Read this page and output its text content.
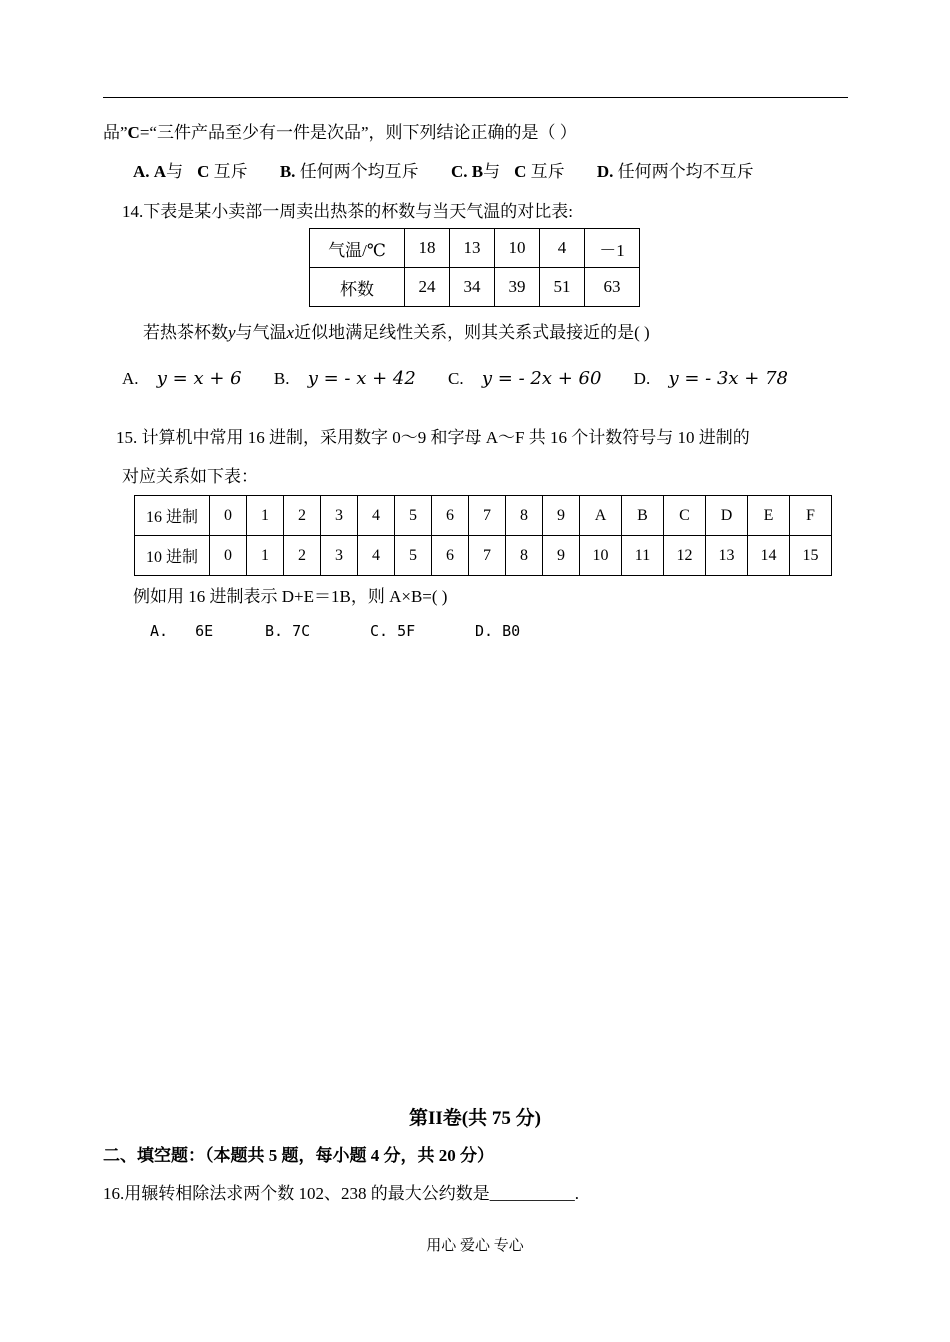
品”C=“三件产品至少有一件是次品”，则下列结论正确的是（ ）
A. A与 C 互斥 B. 任何两个均互斥 C. B与 C 互斥 D. 任何两个均不互斥
14.下表是某小卖部一周卖出热茶的杯数与当天气温的对比表:
气温/℃	18	13	10	4	－1
杯数	24	34	39	51	63
若热茶杯数y与气温x近似地满足线性关系，则其关系式最接近的是( )
A. y = x + 6 B. y = - x + 42 C. y = - 2x + 60 D. y = - 3x + 78
15. 计算机中常用 16 进制，采用数字 0～9 和字母 A～F 共 16 个计数符号与 10 进制的
对应关系如下表：
16 进制	0	1	2	3	4	5	6	7	8	9	A	B	C	D	E	F
10 进制	0	1	2	3	4	5	6	7	8	9	10	11	12	13	14	15
例如用 16 进制表示 D+E＝1B，则 A×B=( )
A. 6E	B. 7C	C. 5F	D. B0
第II卷(共 75 分)
二、填空题：（本题共 5 题，每小题 4 分，共 20 分）
16.用辗转相除法求两个数 102、238 的最大公约数是__________.
用心 爱心 专心
